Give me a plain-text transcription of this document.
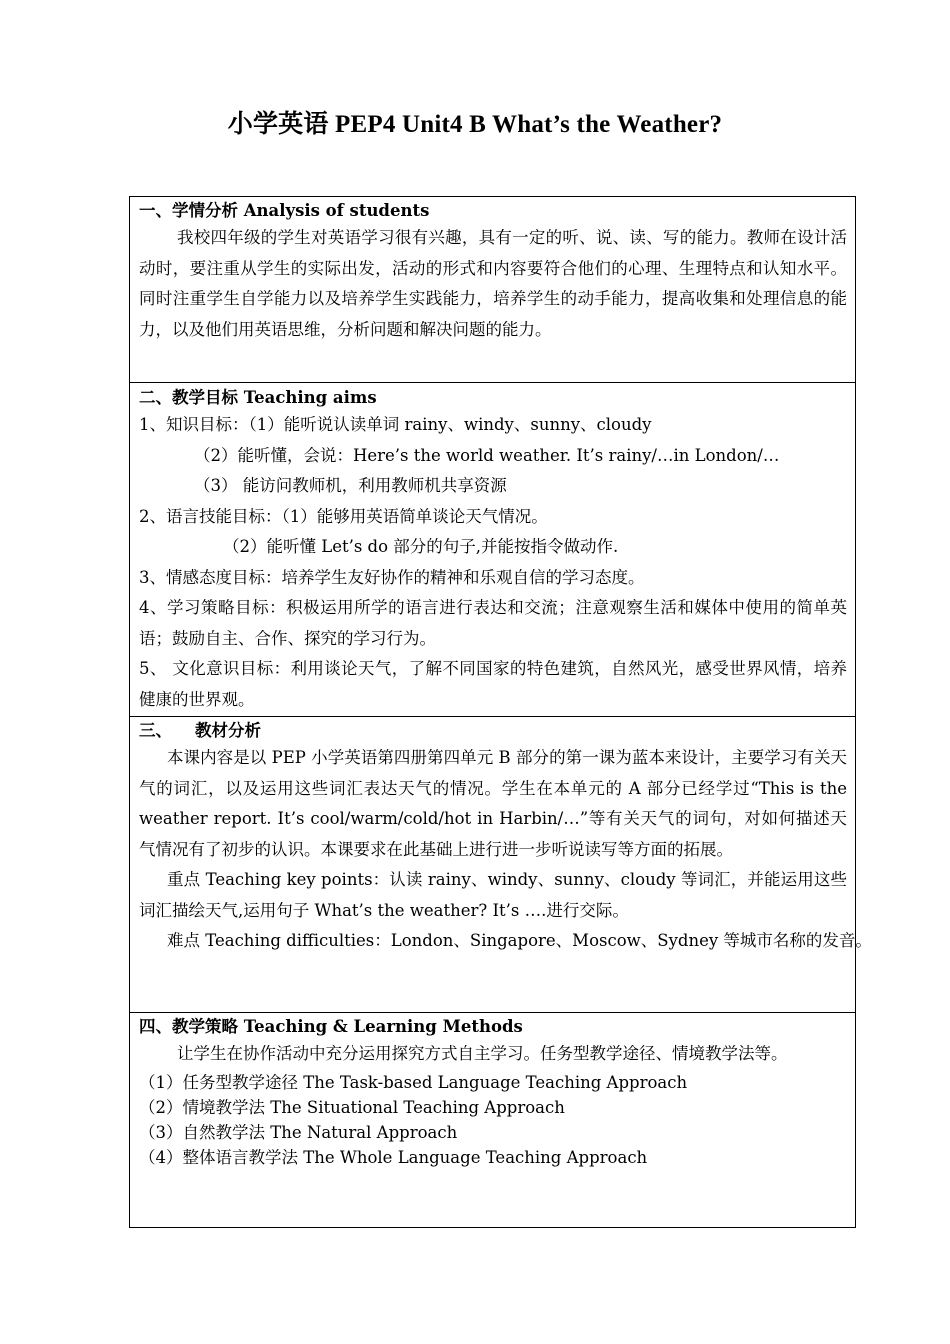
小学英语 PEP4 Unit4 B What’s the Weather?
一、学情分析 Analysis of students
我校四年级的学生对英语学习很有兴趣，具有一定的听、说、读、写的能力。教师在设计活动时，要注重从学生的实际出发，活动的形式和内容要符合他们的心理、生理特点和认知水平。同时注重学生自学能力以及培养学生实践能力，培养学生的动手能力，提高收集和处理信息的能力，以及他们用英语思维，分析问题和解决问题的能力。
二、教学目标 Teaching aims
1、知识目标：（1）能听说认读单词 rainy、windy、sunny、cloudy
（2）能听懂，会说：Here’s the world weather. It’s rainy/…in London/…
（3） 能访问教师机，利用教师机共享资源
2、语言技能目标：（1）能够用英语简单谈论天气情况。
（2）能听懂 Let’s do 部分的句子,并能按指令做动作.
3、情感态度目标：培养学生友好协作的精神和乐观自信的学习态度。
4、学习策略目标：积极运用所学的语言进行表达和交流；注意观察生活和媒体中使用的简单英语；鼓励自主、合作、探究的学习行为。
5、 文化意识目标：利用谈论天气，了解不同国家的特色建筑，自然风光，感受世界风情，培养健康的世界观。
三、    教材分析
本课内容是以 PEP 小学英语第四册第四单元 B 部分的第一课为蓝本来设计，主要学习有关天气的词汇，以及运用这些词汇表达天气的情况。学生在本单元的 A 部分已经学过“This is the weather report. It’s cool/warm/cold/hot in Harbin/…”等有关天气的词句，对如何描述天气情况有了初步的认识。本课要求在此基础上进行进一步听说读写等方面的拓展。
重点 Teaching key points：认读 rainy、windy、sunny、cloudy 等词汇，并能运用这些词汇描绘天气,运用句子 What’s the weather? It’s ….进行交际。
难点 Teaching difficulties：London、Singapore、Moscow、Sydney 等城市名称的发音。
四、教学策略 Teaching & Learning Methods
让学生在协作活动中充分运用探究方式自主学习。任务型教学途径、情境教学法等。
（1）任务型教学途径 The Task-based Language Teaching Approach
（2）情境教学法 The Situational Teaching Approach
（3）自然教学法 The Natural Approach
（4）整体语言教学法 The Whole Language Teaching Approach
